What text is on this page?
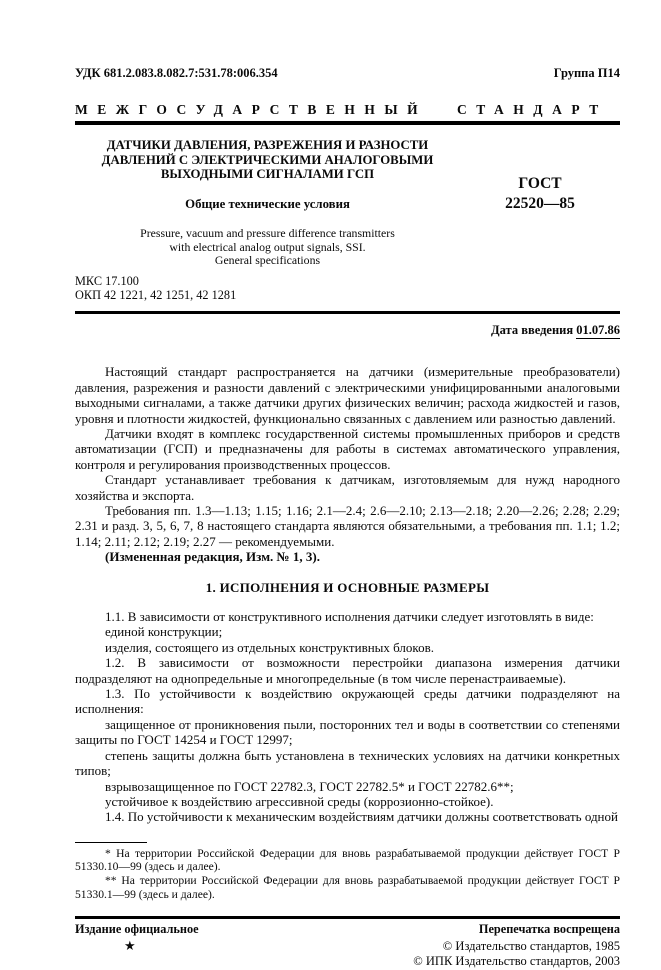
УДК 681.2.083.8.082.7:531.78:006.354	Группа П14
МЕЖГОСУДАРСТВЕННЫЙ СТАНДАРТ
ДАТЧИКИ ДАВЛЕНИЯ, РАЗРЕЖЕНИЯ И РАЗНОСТИ
ДАВЛЕНИЙ С ЭЛЕКТРИЧЕСКИМИ АНАЛОГОВЫМИ
ВЫХОДНЫМИ СИГНАЛАМИ ГСП
Общие технические условия
Pressure, vacuum and pressure difference transmitters
with electrical analog output signals, SSI.
General specifications
ГОСТ
22520—85
МКС 17.100
ОКП 42 1221, 42 1251, 42 1281
Дата введения 01.07.86

Настоящий стандарт распространяется на датчики (измерительные преобразователи) давления, разрежения и разности давлений с электрическими унифицированными аналоговыми выходными сигналами, а также датчики других физических величин; расхода жидкостей и газов, уровня и плотности жидкостей, функционально связанных с давлением или разностью давлений.

Датчики входят в комплекс государственной системы промышленных приборов и средств автоматизации (ГСП) и предназначены для работы в системах автоматического управления, контроля и регулирования производственных процессов.

Стандарт устанавливает требования к датчикам, изготовляемым для нужд народного хозяйства и экспорта.

Требования пп. 1.3—1.13; 1.15; 1.16; 2.1—2.4; 2.6—2.10; 2.13—2.18; 2.20—2.26; 2.28; 2.29; 2.31 и разд. 3, 5, 6, 7, 8 настоящего стандарта являются обязательными, а требования пп. 1.1; 1.2; 1.14; 2.11; 2.12; 2.19; 2.27 — рекомендуемыми.

(Измененная редакция, Изм. № 1, 3).

1. ИСПОЛНЕНИЯ И ОСНОВНЫЕ РАЗМЕРЫ

1.1. В зависимости от конструктивного исполнения датчики следует изготовлять в виде:

единой конструкции;

изделия, состоящего из отдельных конструктивных блоков.

1.2. В зависимости от возможности перестройки диапазона измерения датчики подразделяют на однопредельные и многопредельные (в том числе перенастраиваемые).

1.3. По устойчивости к воздействию окружающей среды датчики подразделяют на исполнения:

защищенное от проникновения пыли, посторонних тел и воды в соответствии со степенями защиты по ГОСТ 14254 и ГОСТ 12997;

степень защиты должна быть установлена в технических условиях на датчики конкретных типов;

взрывозащищенное по ГОСТ 22782.3, ГОСТ 22782.5* и ГОСТ 22782.6**;

устойчивое к воздействию агрессивной среды (коррозионно-стойкое).

1.4. По устойчивости к механическим воздействиям датчики должны соответствовать одной

* На территории Российской Федерации для вновь разрабатываемой продукции действует ГОСТ Р 51330.10—99 (здесь и далее).

** На территории Российской Федерации для вновь разрабатываемой продукции действует ГОСТ Р 51330.1—99 (здесь и далее).

Издание официальное	Перепечатка воспрещена
★	© Издательство стандартов, 1985
© ИПК Издательство стандартов, 2003
